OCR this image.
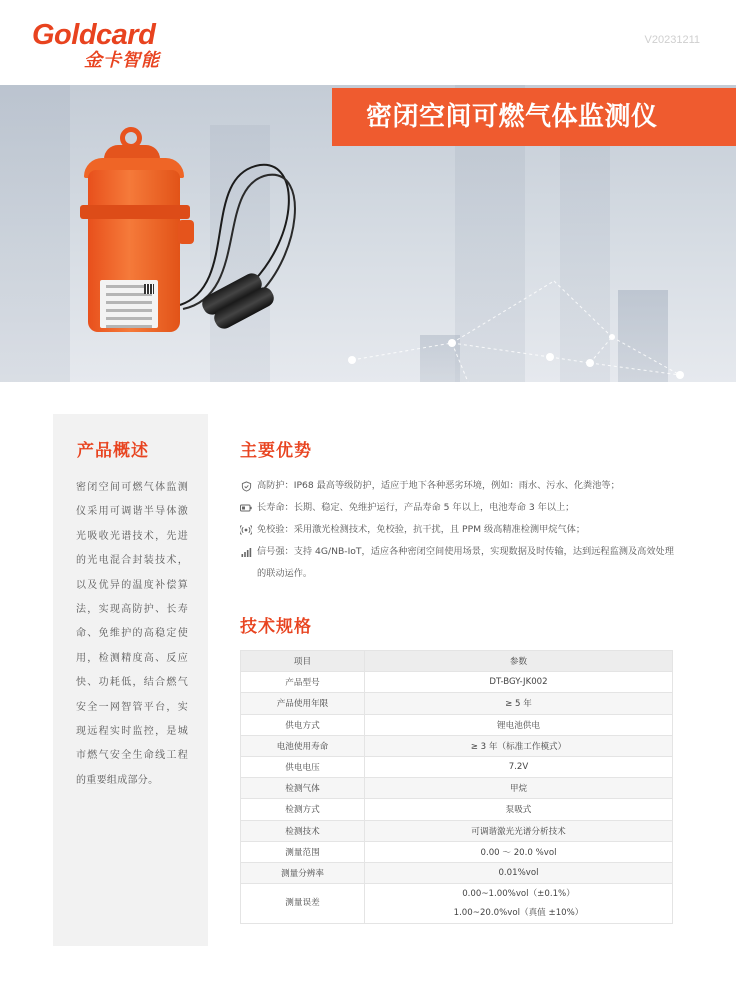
Goldcard
金卡智能
V20231211
密闭空间可燃气体监测仪
产品概述

密闭空间可燃气体监测仪采用可调谐半导体激光吸收光谱技术，先进的光电混合封装技术，以及优异的温度补偿算法，实现高防护、长寿命、免维护的高稳定使用，检测精度高、反应快、功耗低，结合燃气安全一网智管平台，实现远程实时监控，是城市燃气安全生命线工程的重要组成部分。

主要优势
高防护：IP68 最高等级防护，适应于地下各种恶劣环境，例如：雨水、污水、化粪池等；
长寿命：长期、稳定、免维护运行，产品寿命 5 年以上，电池寿命 3 年以上；
免校验：采用激光检测技术，免校验，抗干扰，且 PPM 级高精准检测甲烷气体；
信号强：支持 4G/NB-IoT，适应各种密闭空间使用场景，实现数据及时传输，达到远程监测及高效处理的联动运作。
技术规格
项目	参数
产品型号	DT-BGY-JK002
产品使用年限	≥ 5 年
供电方式	锂电池供电
电池使用寿命	≥ 3 年（标准工作模式）
供电电压	7.2V
检测气体	甲烷
检测方式	泵吸式
检测技术	可调谐激光光谱分析技术
测量范围	0.00 ～ 20.0 %vol
测量分辨率	0.01%vol
测量误差	0.00~1.00%vol（±0.1%）
1.00~20.0%vol（真值 ±10%）
